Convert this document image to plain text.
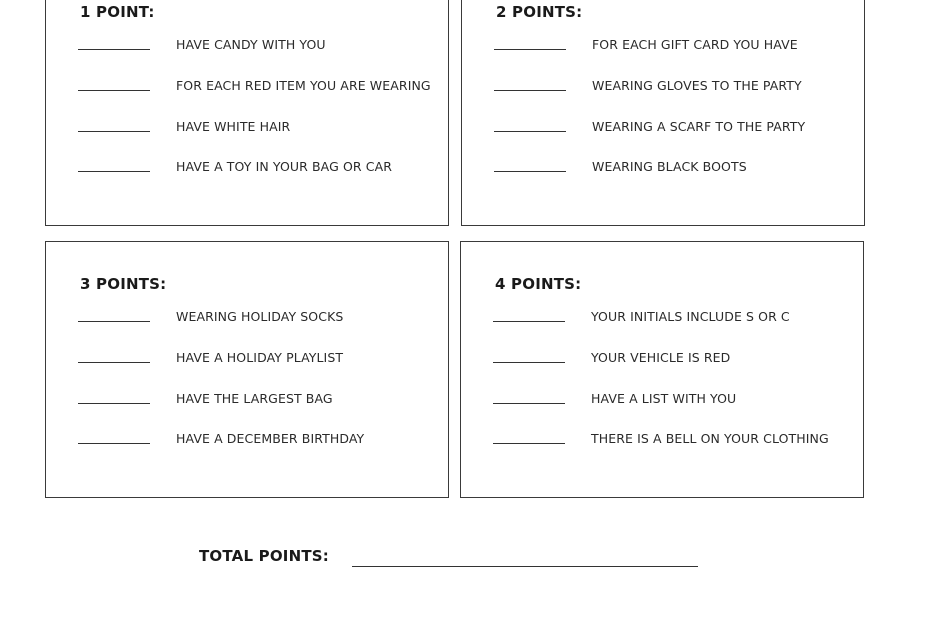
1 POINT:
HAVE CANDY WITH YOU
FOR EACH RED ITEM YOU ARE WEARING
HAVE WHITE HAIR
HAVE A TOY IN YOUR BAG OR CAR
2 POINTS:
FOR EACH GIFT CARD YOU HAVE
WEARING GLOVES TO THE PARTY
WEARING A SCARF TO THE PARTY
WEARING BLACK BOOTS
3 POINTS:
WEARING HOLIDAY SOCKS
HAVE A HOLIDAY PLAYLIST
HAVE THE LARGEST BAG
HAVE A DECEMBER BIRTHDAY
4 POINTS:
YOUR INITIALS INCLUDE S OR C
YOUR VEHICLE IS RED
HAVE A LIST WITH YOU
THERE IS A BELL ON YOUR CLOTHING
TOTAL POINTS:
